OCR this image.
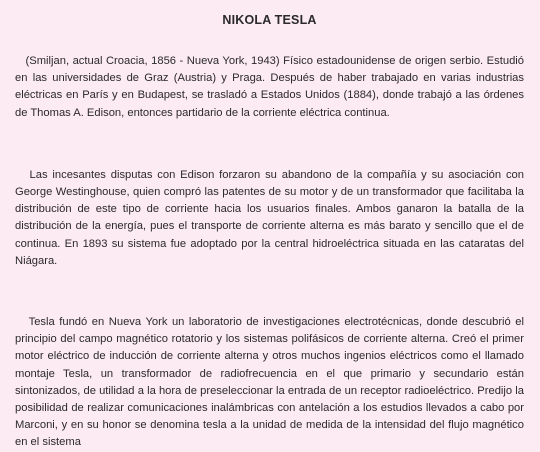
NIKOLA TESLA

(Smiljan, actual Croacia, 1856 - Nueva York, 1943) Físico estadounidense de origen serbio. Estudió en las universidades de Graz (Austria) y Praga. Después de haber trabajado en varias industrias eléctricas en París y en Budapest, se trasladó a Estados Unidos (1884), donde trabajó a las órdenes de Thomas A. Edison, entonces partidario de la corriente eléctrica continua.

Las incesantes disputas con Edison forzaron su abandono de la compañía y su asociación con George Westinghouse, quien compró las patentes de su motor y de un transformador que facilitaba la distribución de este tipo de corriente hacia los usuarios finales. Ambos ganaron la batalla de la distribución de la energía, pues el transporte de corriente alterna es más barato y sencillo que el de continua. En 1893 su sistema fue adoptado por la central hidroeléctrica situada en las cataratas del Niágara.

Tesla fundó en Nueva York un laboratorio de investigaciones electrotécnicas, donde descubrió el principio del campo magnético rotatorio y los sistemas polifásicos de corriente alterna. Creó el primer motor eléctrico de inducción de corriente alterna y otros muchos ingenios eléctricos como el llamado montaje Tesla, un transformador de radiofrecuencia en el que primario y secundario están sintonizados, de utilidad a la hora de preseleccionar la entrada de un receptor radioeléctrico. Predijo la posibilidad de realizar comunicaciones inalámbricas con antelación a los estudios llevados a cabo por Marconi, y en su honor se denomina tesla a la unidad de medida de la intensidad del flujo magnético en el sistema
